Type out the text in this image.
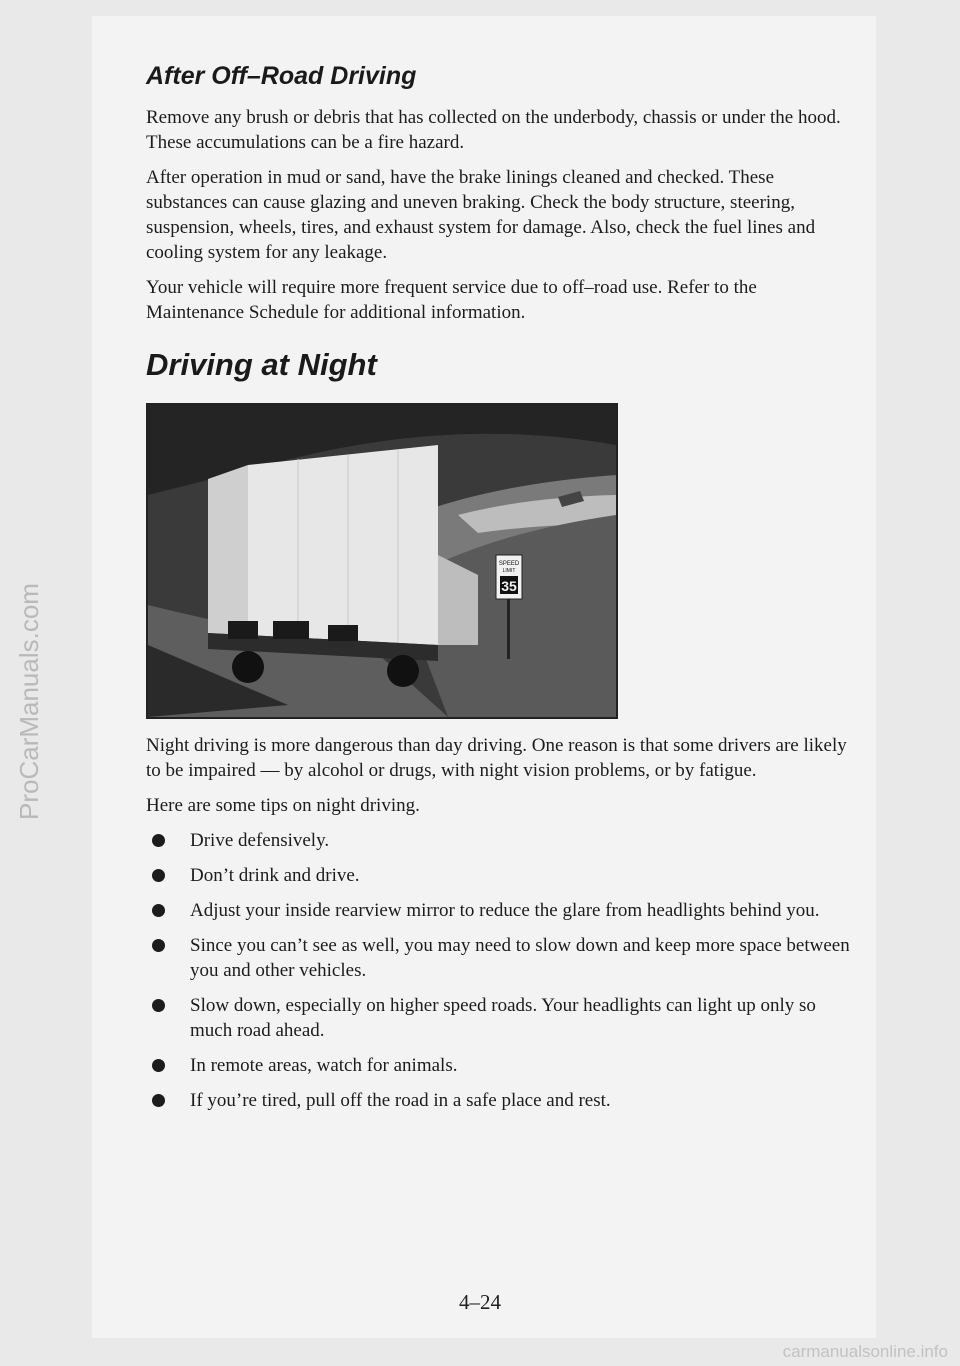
ProCarManuals.com
After Off–Road Driving

Remove any brush or debris that has collected on the underbody, chassis or under the hood. These accumulations can be a fire hazard.

After operation in mud or sand, have the brake linings cleaned and checked. These substances can cause glazing and uneven braking. Check the body structure, steering, suspension, wheels, tires, and exhaust system for damage. Also, check the fuel lines and cooling system for any leakage.

Your vehicle will require more frequent service due to off–road use. Refer to the Maintenance Schedule for additional information.

Driving at Night
SPEED
LIMIT
35

Night driving is more dangerous than day driving. One reason is that some drivers are likely to be impaired — by alcohol or drugs, with night vision problems, or by fatigue.

Here are some tips on night driving.

Drive defensively.
Don’t drink and drive.
Adjust your inside rearview mirror to reduce the glare from headlights behind you.
Since you can’t see as well, you may need to slow down and keep more space between you and other vehicles.
Slow down, especially on higher speed roads. Your headlights can light up only so much road ahead.
In remote areas, watch for animals.
If you’re tired, pull off the road in a safe place and rest.
4–24
carmanualsonline.info
